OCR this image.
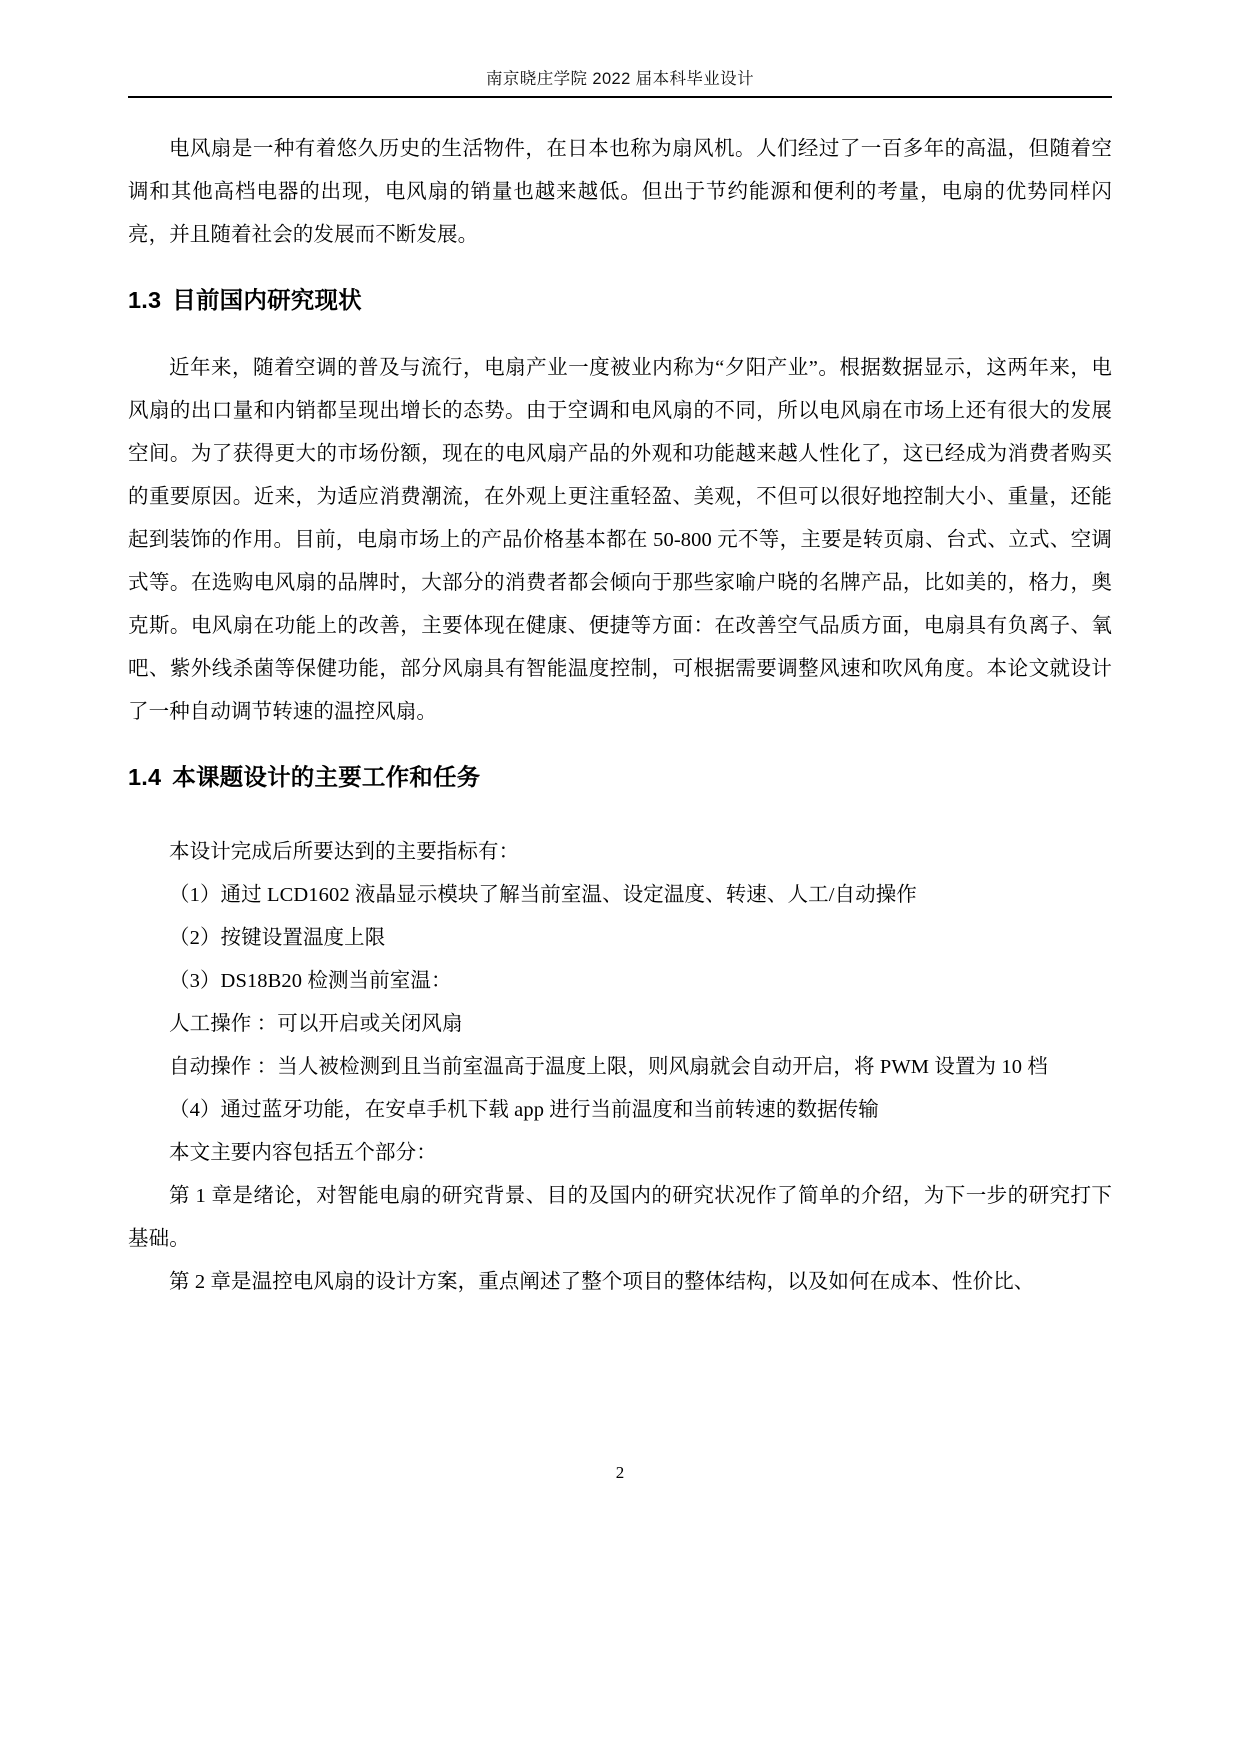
南京晓庄学院 2022 届本科毕业设计

电风扇是一种有着悠久历史的生活物件，在日本也称为扇风机。人们经过了一百多年的高温，但随着空调和其他高档电器的出现，电风扇的销量也越来越低。但出于节约能源和便利的考量，电扇的优势同样闪亮，并且随着社会的发展而不断发展。

1.3 目前国内研究现状

近年来，随着空调的普及与流行，电扇产业一度被业内称为“夕阳产业”。根据数据显示，这两年来，电风扇的出口量和内销都呈现出增长的态势。由于空调和电风扇的不同，所以电风扇在市场上还有很大的发展空间。为了获得更大的市场份额，现在的电风扇产品的外观和功能越来越人性化了，这已经成为消费者购买的重要原因。近来，为适应消费潮流，在外观上更注重轻盈、美观，不但可以很好地控制大小、重量，还能起到装饰的作用。目前，电扇市场上的产品价格基本都在 50-800 元不等，主要是转页扇、台式、立式、空调式等。在选购电风扇的品牌时，大部分的消费者都会倾向于那些家喻户晓的名牌产品，比如美的，格力，奥克斯。电风扇在功能上的改善，主要体现在健康、便捷等方面：在改善空气品质方面，电扇具有负离子、氧吧、紫外线杀菌等保健功能，部分风扇具有智能温度控制，可根据需要调整风速和吹风角度。本论文就设计了一种自动调节转速的温控风扇。

1.4 本课题设计的主要工作和任务

本设计完成后所要达到的主要指标有：

（1）通过 LCD1602 液晶显示模块了解当前室温、设定温度、转速、人工/自动操作

（2）按键设置温度上限

（3）DS18B20 检测当前室温：

人工操作 ：可以开启或关闭风扇

自动操作 ：当人被检测到且当前室温高于温度上限，则风扇就会自动开启，将 PWM 设置为 10 档

（4）通过蓝牙功能，在安卓手机下载 app 进行当前温度和当前转速的数据传输

本文主要内容包括五个部分：

第 1 章是绪论，对智能电扇的研究背景、目的及国内的研究状况作了简单的介绍，为下一步的研究打下基础。

第 2 章是温控电风扇的设计方案，重点阐述了整个项目的整体结构，以及如何在成本、性价比、

2
